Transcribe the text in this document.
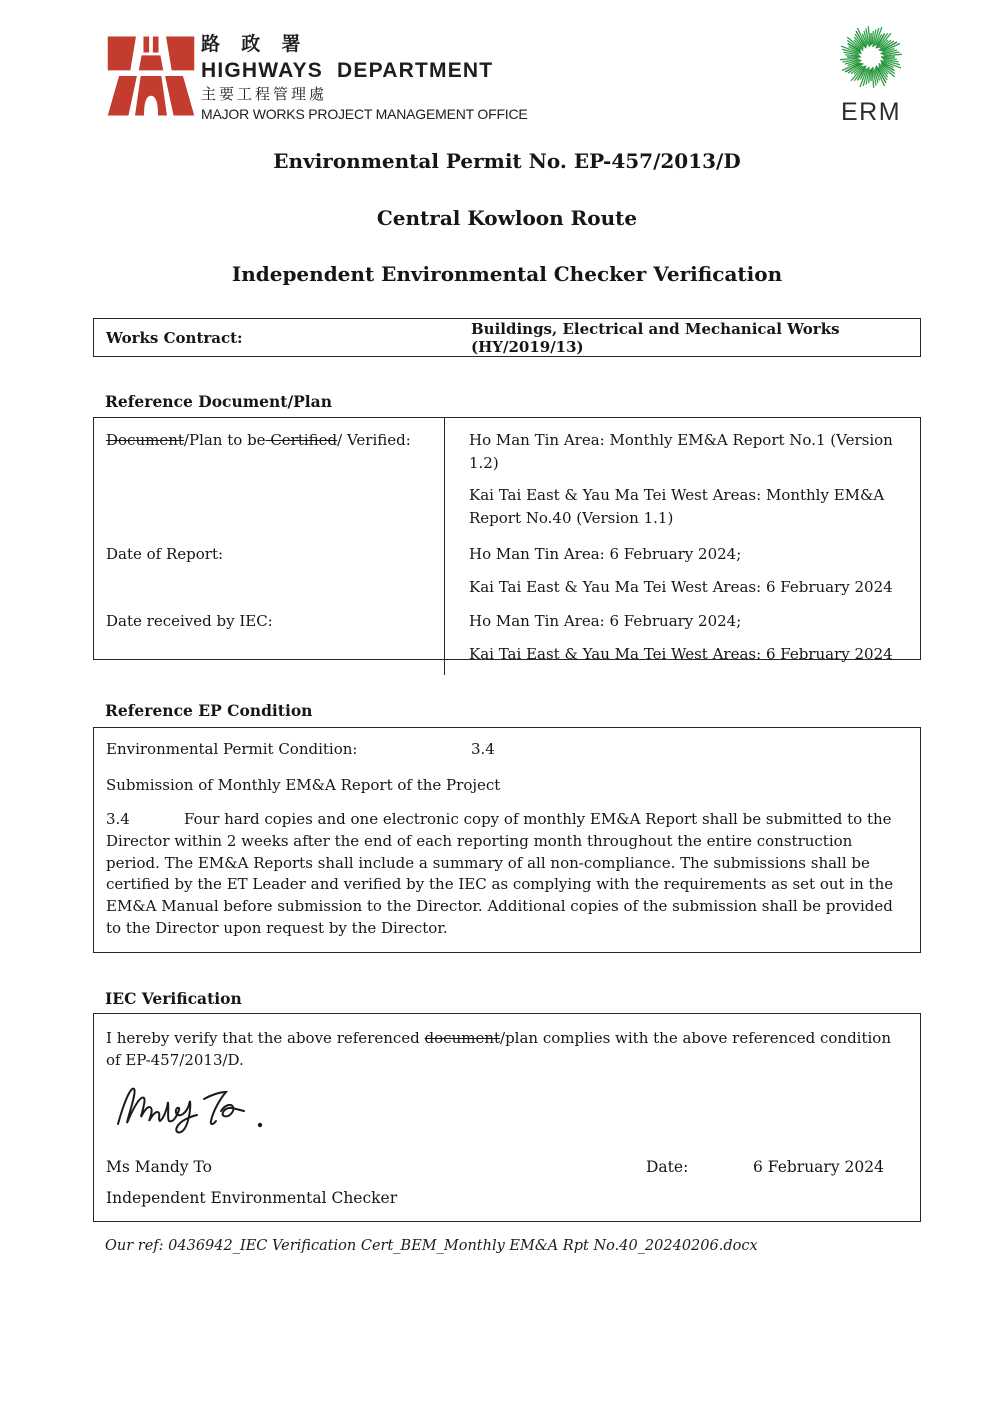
路 政 署
HIGHWAYS DEPARTMENT
主要工程管理處
MAJOR WORKS PROJECT MANAGEMENT OFFICE	ERM
Environmental Permit No. EP-457/2013/D
Central Kowloon Route
Independent Environmental Checker Verification
Works Contract:	Buildings, Electrical and Mechanical Works  (HY/2019/13)
Reference Document/Plan
Document/Plan to be Certified/ Verified:	Ho Man Tin Area: Monthly EM&A Report No.1 (Version 1.2)

Kai Tai East & Yau Ma Tei West Areas: Monthly EM&A Report No.40 (Version 1.1)

Date of Report:	Ho Man Tin Area: 6 February 2024;

Kai Tai East & Yau Ma Tei West Areas: 6 February 2024

Date received by IEC:	Ho Man Tin Area: 6 February 2024;

Kai Tai East & Yau Ma Tei West Areas: 6 February 2024

Reference EP Condition
Environmental Permit Condition:	3.4

Submission of Monthly EM&A Report of the Project

3.4	Four hard copies and one electronic copy of monthly EM&A Report shall be submitted to the Director within 2 weeks after the end of each reporting month throughout the entire construction period. The EM&A Reports shall include a summary of all non-compliance. The submissions shall be certified by the ET Leader and verified by the IEC as complying with the requirements as set out in the EM&A Manual before submission to the Director. Additional copies of the submission shall be provided to the Director upon request by the Director.

IEC Verification

I hereby verify that the above referenced document/plan complies with the above referenced condition of EP-457/2013/D.

Ms Mandy To	Date:	6 February 2024
Independent Environmental Checker
Our ref: 0436942_IEC Verification Cert_BEM_Monthly EM&A Rpt No.40_20240206.docx
